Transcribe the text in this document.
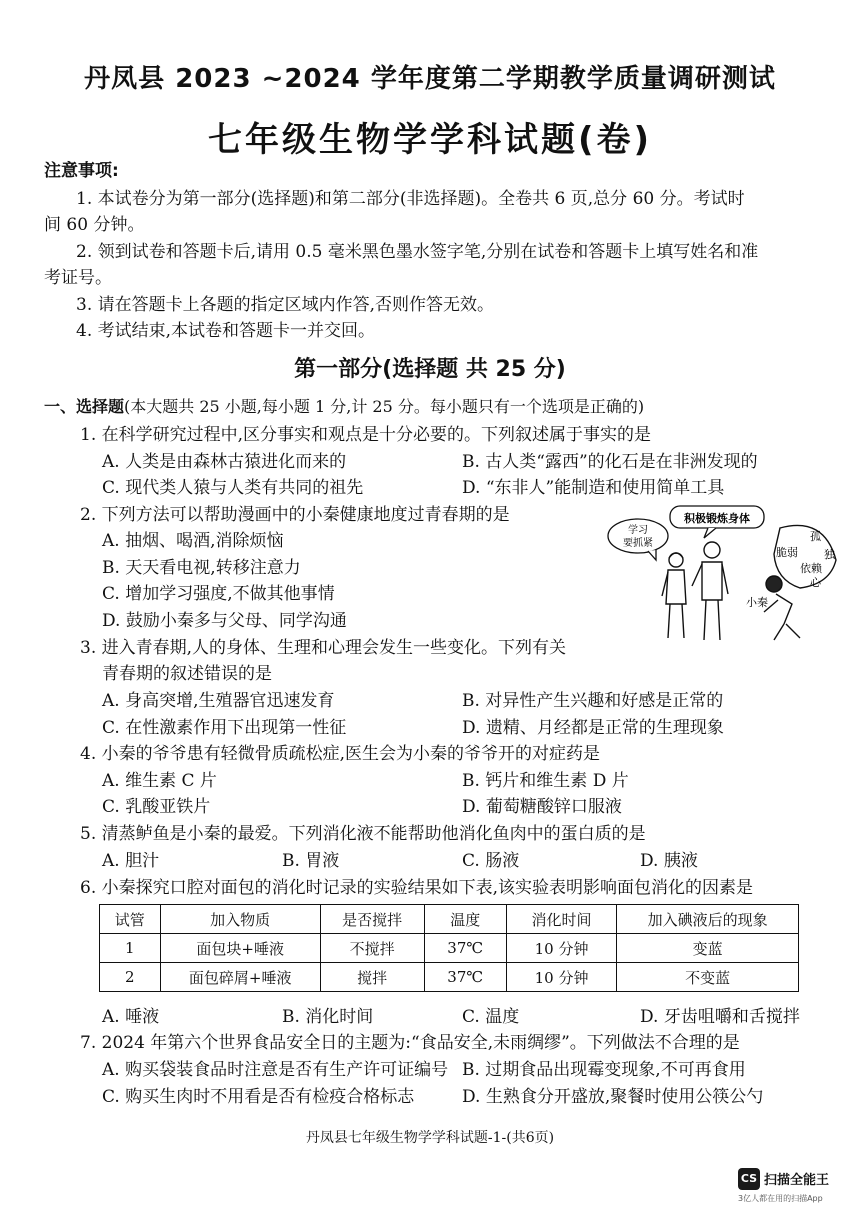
丹凤县 2023 ~2024 学年度第二学期教学质量调研测试
七年级生物学学科试题(卷)
注意事项:
1. 本试卷分为第一部分(选择题)和第二部分(非选择题)。全卷共 6 页,总分 60 分。考试时
间 60 分钟。
2. 领到试卷和答题卡后,请用 0.5 毫米黑色墨水签字笔,分别在试卷和答题卡上填写姓名和准
考证号。
3. 请在答题卡上各题的指定区域内作答,否则作答无效。
4. 考试结束,本试卷和答题卡一并交回。
第一部分(选择题 共 25 分)
一、选择题(本大题共 25 小题,每小题 1 分,计 25 分。每小题只有一个选项是正确的)
1. 在科学研究过程中,区分事实和观点是十分必要的。下列叙述属于事实的是
A. 人类是由森林古猿进化而来的	B. 古人类“露西”的化石是在非洲发现的
C. 现代类人猿与人类有共同的祖先	D. “东非人”能制造和使用简单工具
2. 下列方法可以帮助漫画中的小秦健康地度过青春期的是
A. 抽烟、喝酒,消除烦恼
B. 天天看电视,转移注意力
C. 增加学习强度,不做其他事情
D. 鼓励小秦多与父母、同学沟通
积极锻炼身体
学习
要抓紧
孤
独
脆弱
依赖
心
小秦
3. 进入青春期,人的身体、生理和心理会发生一些变化。下列有关
青春期的叙述错误的是
A. 身高突增,生殖器官迅速发育	B. 对异性产生兴趣和好感是正常的
C. 在性激素作用下出现第一性征	D. 遗精、月经都是正常的生理现象
4. 小秦的爷爷患有轻微骨质疏松症,医生会为小秦的爷爷开的对症药是
A. 维生素 C 片	B. 钙片和维生素 D 片
C. 乳酸亚铁片	D. 葡萄糖酸锌口服液
5. 清蒸鲈鱼是小秦的最爱。下列消化液不能帮助他消化鱼肉中的蛋白质的是
A. 胆汁	B. 胃液	C. 肠液	D. 胰液
6. 小秦探究口腔对面包的消化时记录的实验结果如下表,该实验表明影响面包消化的因素是
试管	加入物质	是否搅拌	温度	消化时间	加入碘液后的现象
1	面包块+唾液	不搅拌	37℃	10 分钟	变蓝
2	面包碎屑+唾液	搅拌	37℃	10 分钟	不变蓝
A. 唾液	B. 消化时间	C. 温度	D. 牙齿咀嚼和舌搅拌
7. 2024 年第六个世界食品安全日的主题为:“食品安全,未雨绸缪”。下列做法不合理的是
A. 购买袋装食品时注意是否有生产许可证编号 B. 过期食品出现霉变现象,不可再食用
C. 购买生肉时不用看是否有检疫合格标志	D. 生熟食分开盛放,聚餐时使用公筷公勺
丹凤县七年级生物学学科试题-1-(共6页)
CS 扫描全能王
3亿人都在用的扫描App
